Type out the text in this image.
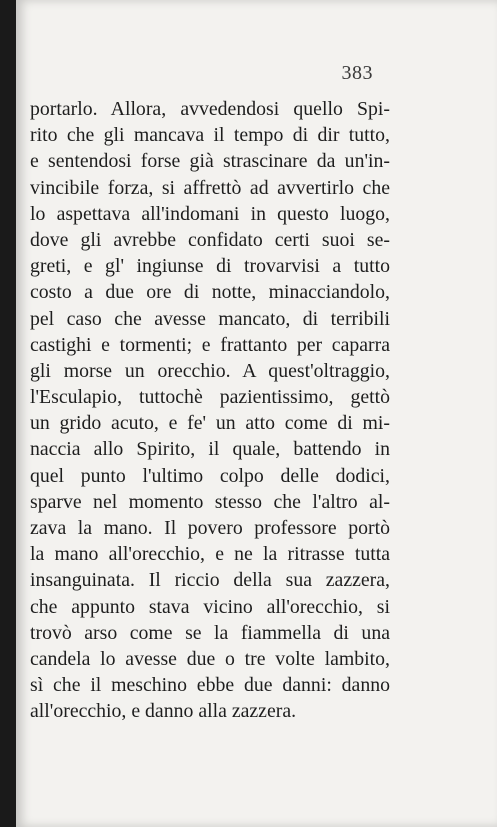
383
portarlo. Allora, avvedendosi quello Spi-
rito che gli mancava il tempo di dir tutto,
e sentendosi forse già strascinare da un'in-
vincibile forza, si affrettò ad avvertirlo che
lo aspettava all'indomani in questo luogo,
dove gli avrebbe confidato certi suoi se-
greti, e gl' ingiunse di trovarvisi a tutto
costo a due ore di notte, minacciandolo,
pel caso che avesse mancato, di terribili
castighi e tormenti; e frattanto per caparra
gli morse un orecchio. A quest'oltraggio,
l'Esculapio, tuttochè pazientissimo, gettò
un grido acuto, e fe' un atto come di mi-
naccia allo Spirito, il quale, battendo in
quel punto l'ultimo colpo delle dodici,
sparve nel momento stesso che l'altro al-
zava la mano. Il povero professore portò
la mano all'orecchio, e ne la ritrasse tutta
insanguinata. Il riccio della sua zazzera,
che appunto stava vicino all'orecchio, si
trovò arso come se la fiammella di una
candela lo avesse due o tre volte lambito,
sì che il meschino ebbe due danni: danno
all'orecchio, e danno alla zazzera.
